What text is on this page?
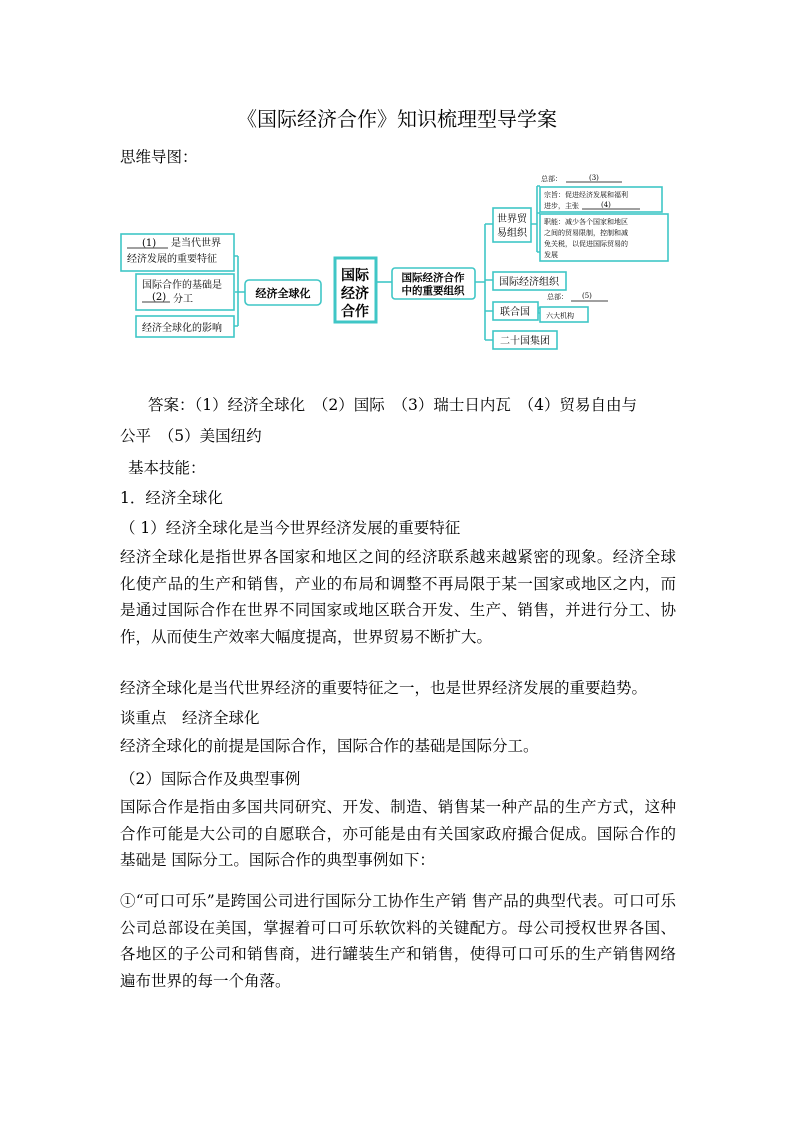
《国际经济合作》知识梳理型导学案
思维导图：
国际
经济
合作
经济全球化
(1) 是当代世界
经济发展的重要特征
国际合作的基础是
(2) 分工
经济全球化的影响
国际经济合作
中的重要组织
世界贸
易组织
总部：	(3)
宗旨：促进经济发展和福利
进步，主张	(4)
职能：减少各个国家和地区
之间的贸易限制，控制和减
免关税，以促进国际贸易的
发展
国际经济组织
联合国
总部： (5)
六大机构
二十国集团
答案：（1）经济全球化　（2）国际　（3）瑞士日内瓦　（4）贸易自由与
公平　（5）美国纽约
基本技能：
1．经济全球化
（ 1）经济全球化是当今世界经济发展的重要特征
经济全球化是指世界各国家和地区之间的经济联系越来越紧密的现象。经济全球化使产品的生产和销售，产业的布局和调整不再局限于某一国家或地区之内，而是通过国际合作在世界不同国家或地区联合开发、生产、销售，并进行分工、协作，从而使生产效率大幅度提高，世界贸易不断扩大。
经济全球化是当代世界经济的重要特征之一，也是世界经济发展的重要趋势。
谈重点　经济全球化
经济全球化的前提是国际合作，国际合作的基础是国际分工。
（2）国际合作及典型事例
国际合作是指由多国共同研究、开发、制造、销售某一种产品的生产方式，这种合作可能是大公司的自愿联合，亦可能是由有关国家政府撮合促成。国际合作的基础是 国际分工。国际合作的典型事例如下：
①“可口可乐”是跨国公司进行国际分工协作生产销 售产品的典型代表。可口可乐公司总部设在美国，掌握着可口可乐软饮料的关键配方。母公司授权世界各国、各地区的子公司和销售商，进行罐装生产和销售，使得可口可乐的生产销售网络遍布世界的每一个角落。
